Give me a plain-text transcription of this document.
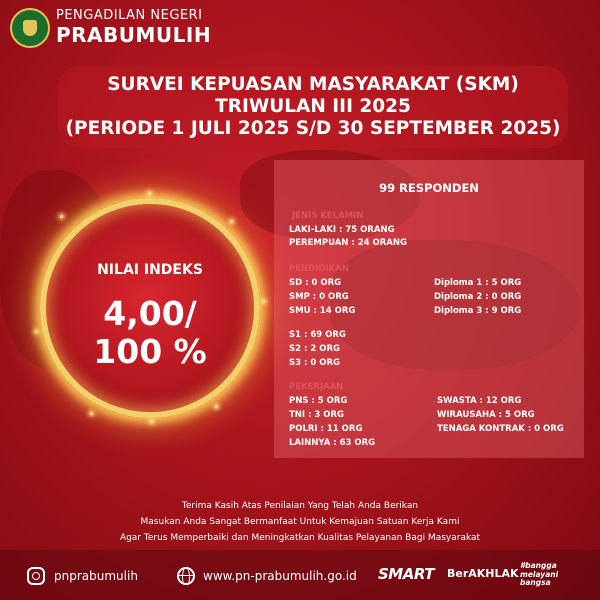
PENGADILAN NEGERI
PRABUMULIH
SURVEI KEPUASAN MASYARAKAT (SKM)
TRIWULAN III 2025
(PERIODE 1 JULI 2025 S/D 30 SEPTEMBER 2025)
NILAI INDEKS
4,00/
100 %
99 RESPONDEN
JENIS KELAMIN
LAKI-LAKI : 75 ORANG
PEREMPUAN : 24 ORANG
PENDIDIKAN
SD : 0 ORG
SMP : 0 ORG
SMU : 14 ORG
Diploma 1 : 5 ORG
Diploma 2 : 0 ORG
Diploma 3 : 9 ORG
S1 : 69 ORG
S2 : 2 ORG
S3 : 0 ORG
PEKERJAAN
PNS : 5 ORG
TNI : 3 ORG
POLRI : 11 ORG
LAINNYA : 63 ORG
SWASTA : 12 ORG
WIRAUSAHA : 5 ORG
TENAGA KONTRAK : 0 ORG
Terima Kasih Atas Penilaian Yang Telah Anda Berikan
Masukan Anda Sangat Bermanfaat Untuk Kemajuan Satuan Kerja Kami
Agar Terus Memperbaiki dan Meningkatkan Kualitas Pelayanan Bagi Masyarakat
pnprabumulih	www.pn-prabumulih.go.id SMART BerAKHLAK
#bangga melayani bangsa
